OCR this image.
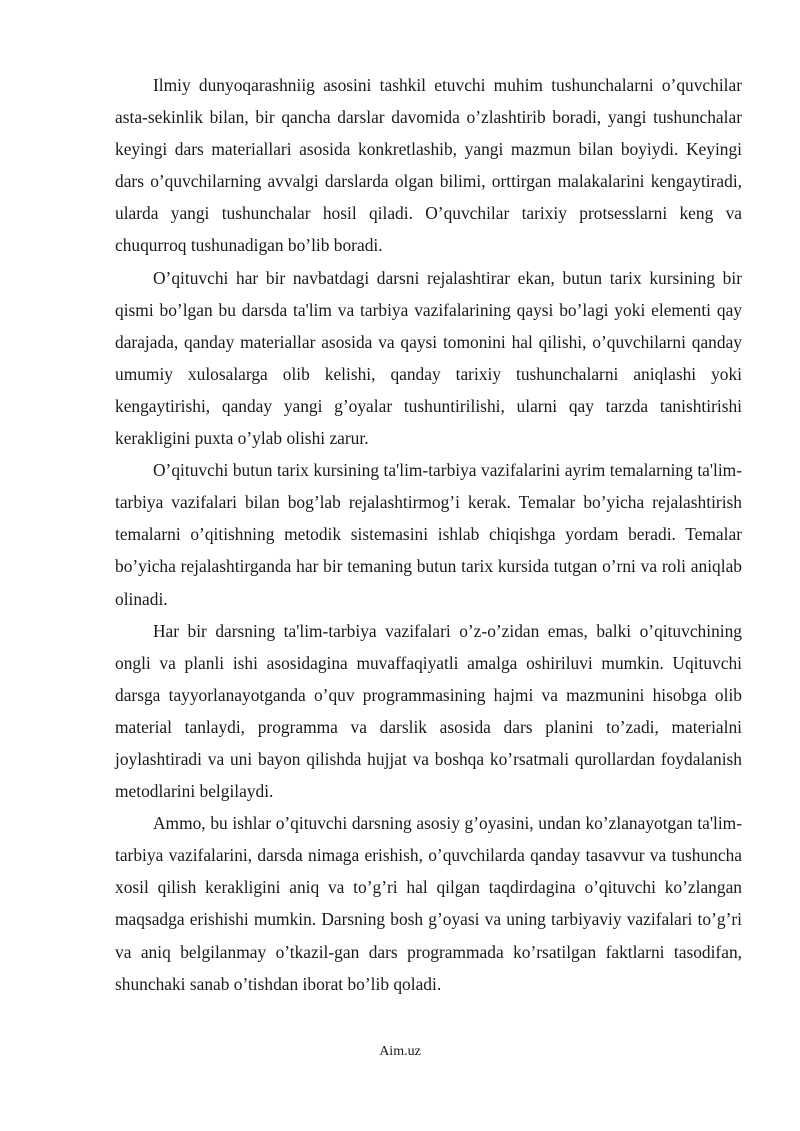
Ilmiy dunyoqarashniig asosini tashkil etuvchi muhim tushunchalarni o’quvchilar asta-sekinlik bilan, bir qancha darslar davomida o’zlashtirib boradi, yangi tushunchalar keyingi dars materiallari asosida konkretlashib, yangi mazmun bilan boyiydi. Keyingi dars o’quvchilarning avvalgi darslarda olgan bilimi, orttirgan malakalarini kengaytiradi, ularda yangi tushunchalar hosil qiladi. O’quvchilar tarixiy protsesslarni keng va chuqurroq tushunadigan bo’lib boradi.

O’qituvchi har bir navbatdagi darsni rejalashtirar ekan, butun tarix kursining bir qismi bo’lgan bu darsda ta'lim va tarbiya vazifalarining qaysi bo’lagi yoki elementi qay darajada, qanday materiallar asosida va qaysi tomonini hal qilishi, o’quvchilarni qanday umumiy xulosalarga olib kelishi, qanday tarixiy tushunchalarni aniqlashi yoki kengaytirishi, qanday yangi g’oyalar tushuntirilishi, ularni qay tarzda tanishtirishi kerakligini puxta o’ylab olishi zarur.

O’qituvchi butun tarix kursining ta'lim-tarbiya vazifalarini ayrim temalarning ta'lim-tarbiya vazifalari bilan bog’lab rejalashtirmog’i kerak. Temalar bo’yicha rejalashtirish temalarni o’qitishning metodik sistemasini ishlab chiqishga yordam beradi. Temalar bo’yicha rejalashtirganda har bir temaning butun tarix kursida tutgan o’rni va roli aniqlab olinadi.

Har bir darsning ta'lim-tarbiya vazifalari o’z-o’zidan emas, balki o’qituvchining ongli va planli ishi asosidagina muvaffaqiyatli amalga oshiriluvi mumkin. Uqituvchi darsga tayyorlanayotganda o’quv programmasining hajmi va mazmunini hisobga olib material tanlaydi, programma va darslik asosida dars planini to’zadi, materialni joylashtiradi va uni bayon qilishda hujjat va boshqa ko’rsatmali qurollardan foydalanish metodlarini belgilaydi.

Ammo, bu ishlar o’qituvchi darsning asosiy g’oyasini, undan ko’zlanayotgan ta'lim-tarbiya vazifalarini, darsda nimaga erishish, o’quvchilarda qanday tasavvur va tushuncha xosil qilish kerakligini aniq va to’g’ri hal qilgan taqdirdagina o’qituvchi ko’zlangan maqsadga erishishi mumkin. Darsning bosh g’oyasi va uning tarbiyaviy vazifalari to’g’ri va aniq belgilanmay o’tkazil-gan dars programmada ko’rsatilgan faktlarni tasodifan, shunchaki sanab o’tishdan iborat bo’lib qoladi.

Aim.uz
